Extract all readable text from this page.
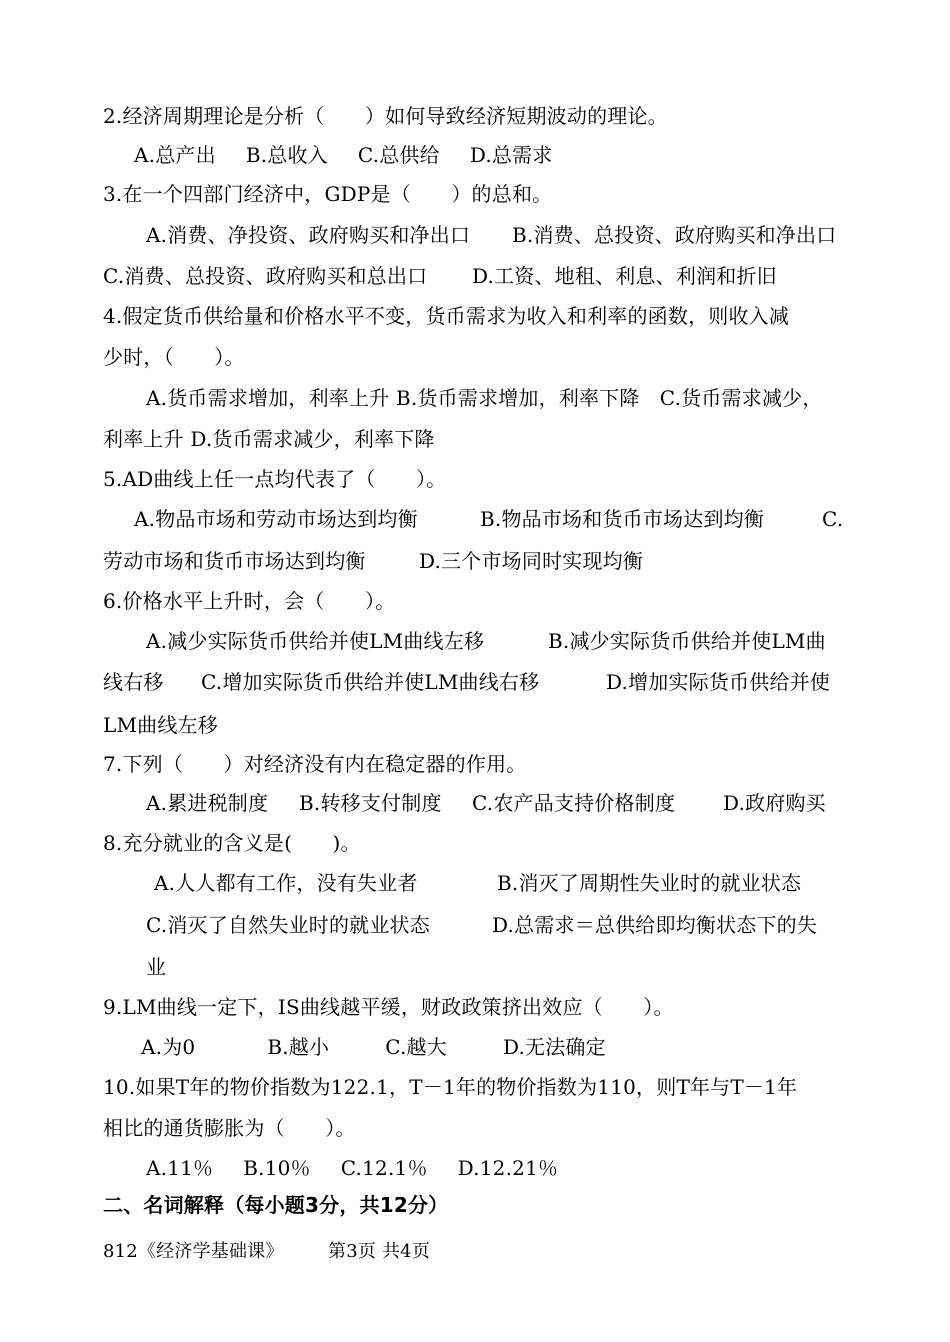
2.经济周期理论是分析（　　）如何导致经济短期波动的理论。
A.总产出 B.总收入 C.总供给 D.总需求
3.在一个四部门经济中，GDP是（　　）的总和。
A.消费、净投资、政府购买和净出口 B.消费、总投资、政府购买和净出口
C.消费、总投资、政府购买和总出口 D.工资、地租、利息、利润和折旧
4.假定货币供给量和价格水平不变，货币需求为收入和利率的函数，则收入减
少时，（　　）。
A.货币需求增加，利率上升 B.货币需求增加，利率下降　C.货币需求减少，
利率上升 D.货币需求减少，利率下降
5.AD曲线上任一点均代表了（　　）。
A.物品市场和劳动市场达到均衡	B.物品市场和货币市场达到均衡	C.
劳动市场和货币市场达到均衡	D.三个市场同时实现均衡
6.价格水平上升时，会（　　）。
A.减少实际货币供给并使LM曲线左移	B.减少实际货币供给并使LM曲
线右移 C.增加实际货币供给并使LM曲线右移	D.增加实际货币供给并使
LM曲线左移
7.下列（　　）对经济没有内在稳定器的作用。
A.累进税制度 B.转移支付制度 C.农产品支持价格制度 D.政府购买
8.充分就业的含义是(　　)。
A.人人都有工作，没有失业者	B.消灭了周期性失业时的就业状态
C.消灭了自然失业时的就业状态	D.总需求＝总供给即均衡状态下的失
业
9.LM曲线一定下，IS曲线越平缓，财政政策挤出效应（　　）。
A.为0	B.越小	C.越大	D.无法确定
10.如果T年的物价指数为122.1，T－1年的物价指数为110，则T年与T－1年
相比的通货膨胀为（　　）。
A.11％ B.10％ C.12.1％ D.12.21％
二、名词解释（每小题3分，共12分）
812《经济学基础课》 第3页 共4页
